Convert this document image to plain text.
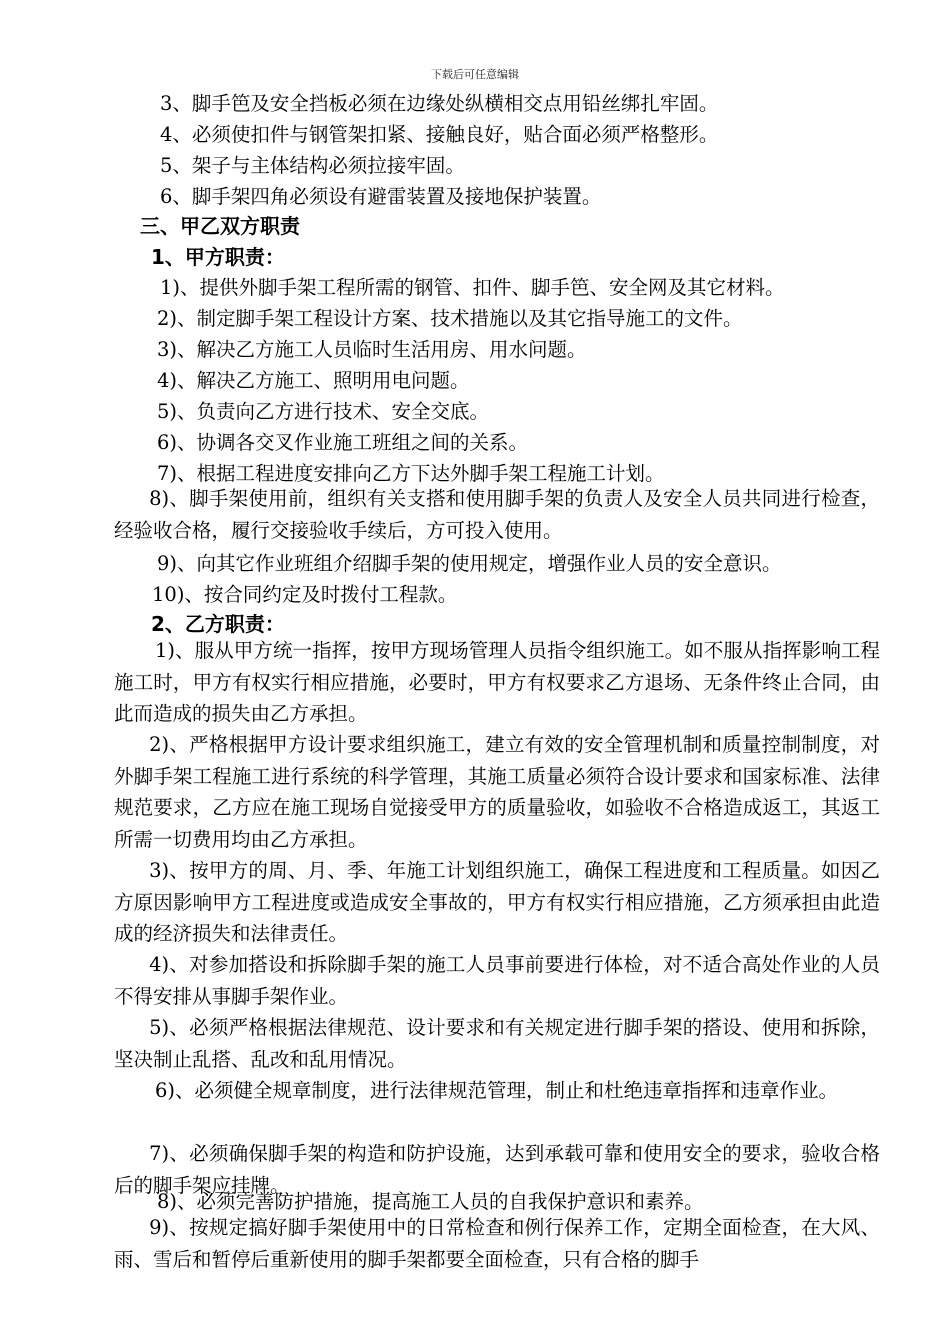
下载后可任意编辑
3、脚手笆及安全挡板必须在边缘处纵横相交点用铅丝绑扎牢固。
4、必须使扣件与钢管架扣紧、接触良好，贴合面必须严格整形。
5、架子与主体结构必须拉接牢固。
6、脚手架四角必须设有避雷装置及接地保护装置。
三、甲乙双方职责
1、甲方职责：
1)、提供外脚手架工程所需的钢管、扣件、脚手笆、安全网及其它材料。
2)、制定脚手架工程设计方案、技术措施以及其它指导施工的文件。
3)、解决乙方施工人员临时生活用房、用水问题。
4)、解决乙方施工、照明用电问题。
5)、负责向乙方进行技术、安全交底。
6)、协调各交叉作业施工班组之间的关系。
7)、根据工程进度安排向乙方下达外脚手架工程施工计划。
8)、脚手架使用前，组织有关支搭和使用脚手架的负责人及安全人员共同进行检查，经验收合格，履行交接验收手续后，方可投入使用。
9)、向其它作业班组介绍脚手架的使用规定，增强作业人员的安全意识。
10)、按合同约定及时拨付工程款。
2、乙方职责：
1)、服从甲方统一指挥，按甲方现场管理人员指令组织施工。如不服从指挥影响工程施工时，甲方有权实行相应措施，必要时，甲方有权要求乙方退场、无条件终止合同，由此而造成的损失由乙方承担。
2)、严格根据甲方设计要求组织施工，建立有效的安全管理机制和质量控制制度，对外脚手架工程施工进行系统的科学管理，其施工质量必须符合设计要求和国家标准、法律规范要求，乙方应在施工现场自觉接受甲方的质量验收，如验收不合格造成返工，其返工所需一切费用均由乙方承担。
3)、按甲方的周、月、季、年施工计划组织施工，确保工程进度和工程质量。如因乙方原因影响甲方工程进度或造成安全事故的，甲方有权实行相应措施，乙方须承担由此造成的经济损失和法律责任。
4)、对参加搭设和拆除脚手架的施工人员事前要进行体检，对不适合高处作业的人员不得安排从事脚手架作业。
5)、必须严格根据法律规范、设计要求和有关规定进行脚手架的搭设、使用和拆除，坚决制止乱搭、乱改和乱用情况。
6)、必须健全规章制度，进行法律规范管理，制止和杜绝违章指挥和违章作业。
7)、必须确保脚手架的构造和防护设施，达到承载可靠和使用安全的要求，验收合格后的脚手架应挂牌。
8)、必须完善防护措施，提高施工人员的自我保护意识和素养。
9)、按规定搞好脚手架使用中的日常检查和例行保养工作，定期全面检查，在大风、雨、雪后和暂停后重新使用的脚手架都要全面检查，只有合格的脚手
